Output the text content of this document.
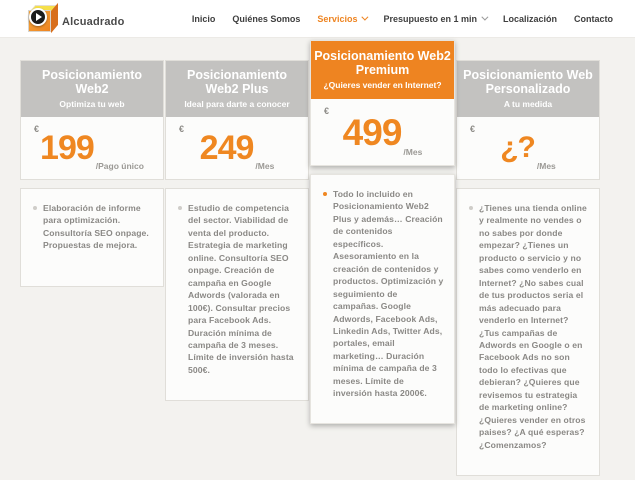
Alcuadrado	Inicio Quiénes Somos Servicios	Presupuesto en 1 min	Localización Contacto
Posicionamiento Web2
Optimiza tu web
€ 199 /Pago único
Elaboración de informe para optimización. Consultoría SEO onpage. Propuestas de mejora.
Posicionamiento Web2 Plus
Ideal para darte a conocer
€ 249 /Mes
Estudio de competencia del sector. Viabilidad de venta del producto. Estrategia de marketing online. Consultoría SEO onpage. Creación de campaña en Google Adwords (valorada en 100€). Consultar precios para Facebook Ads. Duración mínima de campaña de 3 meses. Límite de inversión hasta 500€.
Posicionamiento Web2 Premium
¿Quieres vender en Internet?
€
499 /Mes
Todo lo incluido en Posicionamiento Web2 Plus y además… Creación de contenidos específicos. Asesoramiento en la creación de contenidos y productos. Optimización y seguimiento de campañas. Google Adwords, Facebook Ads, Linkedin Ads, Twitter Ads, portales, email marketing… Duración mínima de campaña de 3 meses. Límite de inversión hasta 2000€.
Posicionamiento Web Personalizado
A tu medida
€
¿?
/Mes
¿Tienes una tienda online y realmente no vendes o no sabes por donde empezar? ¿Tienes un producto o servicio y no sabes como venderlo en Internet? ¿No sabes cual de tus productos seria el más adecuado para venderlo en Internet? ¿Tus campañas de Adwords en Google o en Facebook Ads no son todo lo efectivas que debieran? ¿Quieres que revisemos tu estrategia de marketing online? ¿Quieres vender en otros paises? ¿A qué esperas? ¿Comenzamos?
